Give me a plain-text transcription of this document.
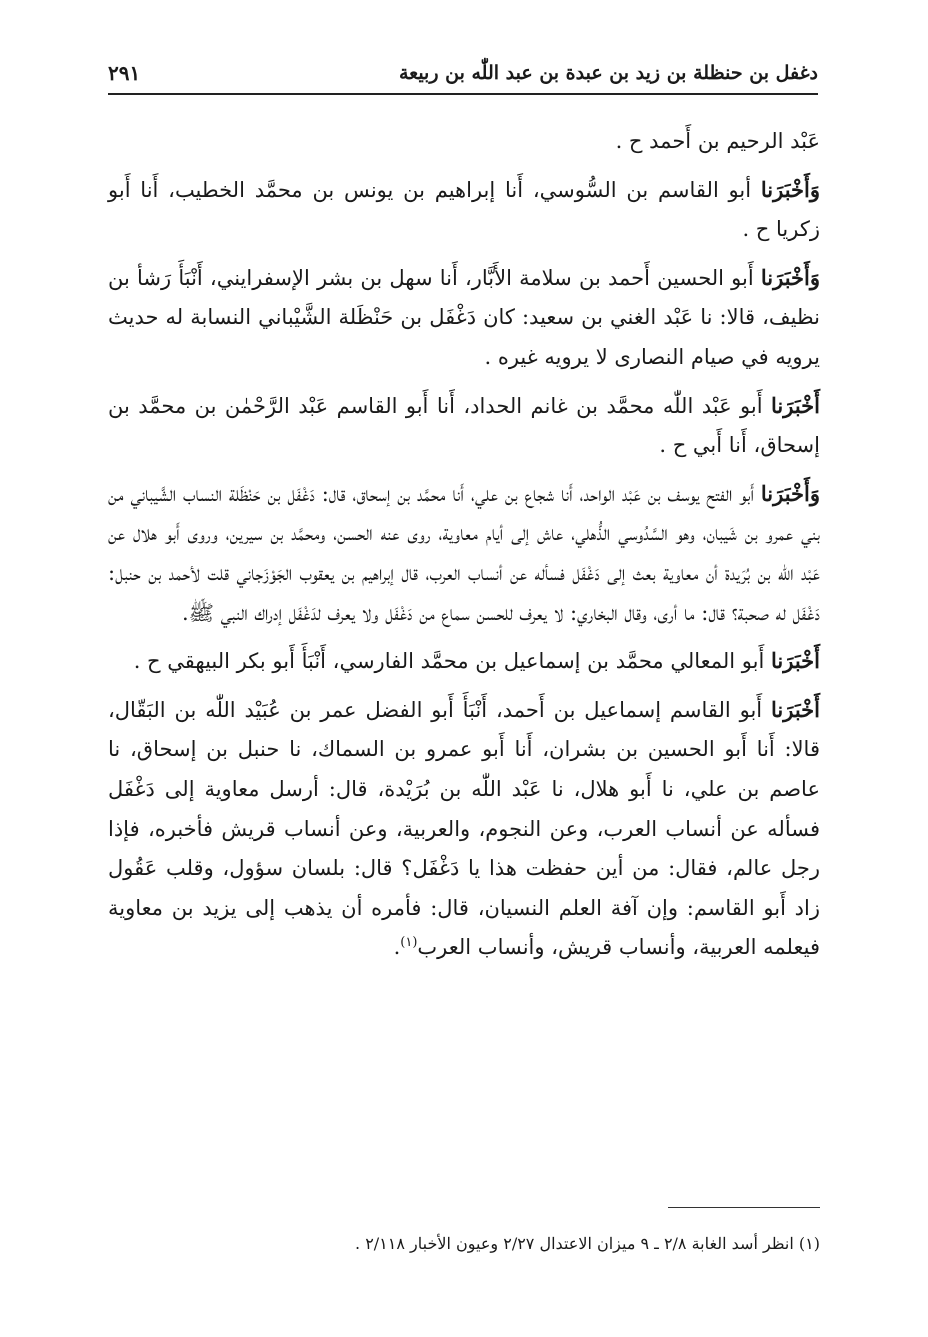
٢٩١	دغفل بن حنظلة بن زيد بن عبدة بن عبد اللّٰه بن ربيعة

عَبْد الرحيم بن أَحمد ح .

وَأَخْبَرَنا أبو القاسم بن السُّوسي، أَنا إبراهيم بن يونس بن محمَّد الخطيب، أَنا أَبو زكريا ح .

وَأَخْبَرَنا أَبو الحسين أَحمد بن سلامة الأَبَّار، أَنا سهل بن بشر الإسفرايني، أَنْبَأَ رَشأ بن نظيف، قالا: نا عَبْد الغني بن سعيد: كان دَغْفَل بن حَنْظَلة الشَّيْباني النسابة له حديث يرويه في صيام النصارى لا يرويه غيره .

أَخْبَرَنا أَبو عَبْد اللّٰه محمَّد بن غانم الحداد، أَنا أَبو القاسم عَبْد الرَّحْمٰن بن محمَّد بن إسحاق، أَنا أَبي ح .

وَأَخْبَرَنا أَبو الفتح يوسف بن عَبْد الواحد، أَنا شجاع بن علي، أَنا محمَّد بن إسحاق، قال: دَغْفَل بن حَنْظَلة النساب الشَّيباني من بني عمرو بن شَيبان، وهو السَّدُوسي الذُّهلي، عاش إلى أيام معاوية، روى عنه الحسن، ومحمَّد بن سيرين، وروى أَبو هلال عن عَبْد اللّٰه بن بُرَيدة أن معاوية بعث إلى دَغْفَل فسأله عن أنساب العرب، قال إبراهيم بن يعقوب الجَوْزَجاني قلت لأحمد بن حنبل: دَغْفَل له صحبة؟ قال: ما أرى، وقال البخاري: لا يعرف للحسن سماع من دَغْفَل ولا يعرف لدَغْفَل إدراك النبي ﷺ.

أَخْبَرَنا أَبو المعالي محمَّد بن إسماعيل بن محمَّد الفارسي، أَنْبَأَ أَبو بكر البيهقي ح .

أَخْبَرَنا أَبو القاسم إسماعيل بن أَحمد، أَنْبَأَ أَبو الفضل عمر بن عُبَيْد اللّٰه بن البَقّال، قالا: أَنا أَبو الحسين بن بشران، أَنا أَبو عمرو بن السماك، نا حنبل بن إسحاق، نا عاصم بن علي، نا أَبو هلال، نا عَبْد اللّٰه بن بُرَيْدة، قال: أرسل معاوية إلى دَغْفَل فسأله عن أنساب العرب، وعن النجوم، والعربية، وعن أنساب قريش فأخبره، فإذا رجل عالم، فقال: من أين حفظت هذا يا دَغْفَل؟ قال: بلسان سؤول، وقلب عَقُول زاد أَبو القاسم: وإن آفة العلم النسيان، قال: فأمره أن يذهب إلى يزيد بن معاوية فيعلمه العربية، وأنساب قريش، وأنساب العرب$^{(١)}$.

(١) انظر أسد الغابة ٢/٨ ـ ٩ ميزان الاعتدال ٢/٢٧ وعيون الأخبار ٢/١١٨ .
